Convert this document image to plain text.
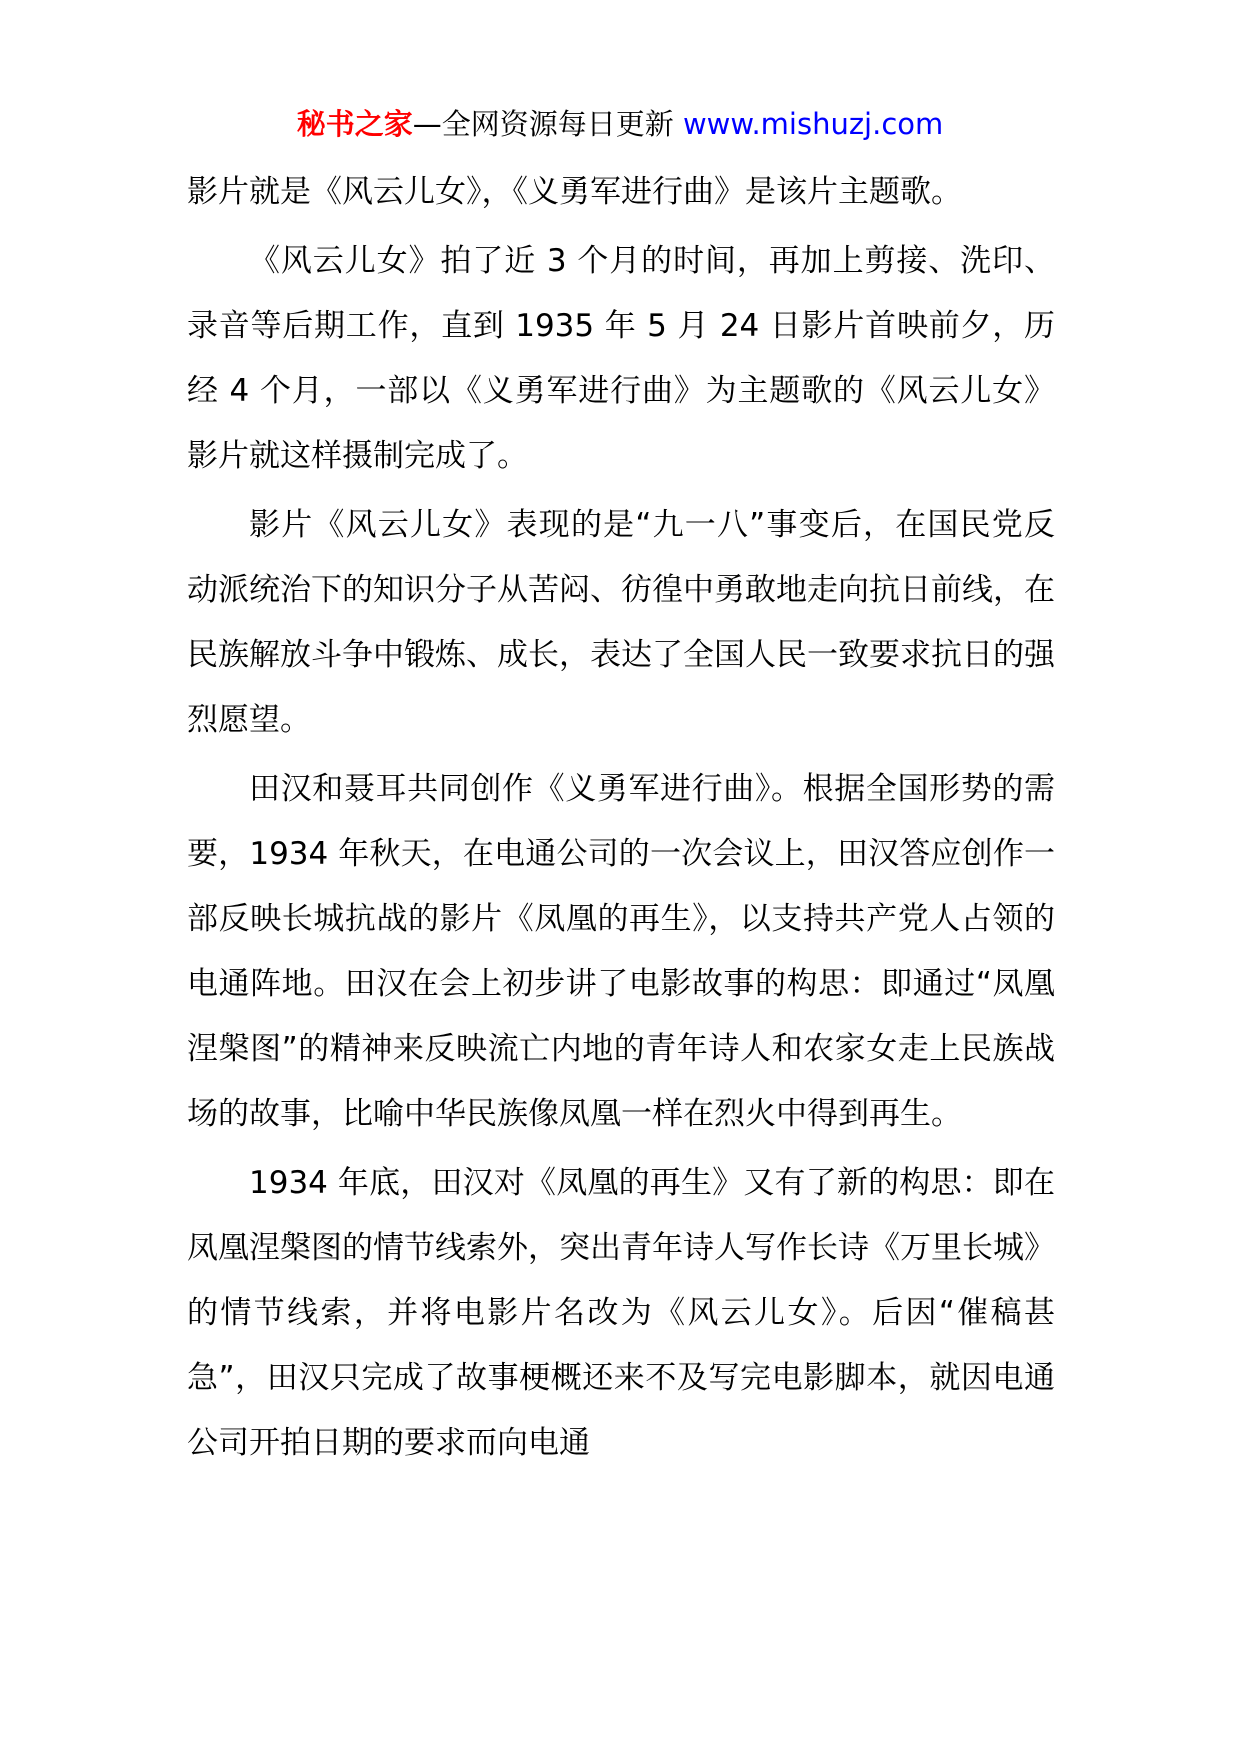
秘书之家—全网资源每日更新 www.mishuzj.com

影片就是《风云儿女》，《义勇军进行曲》是该片主题歌。

《风云儿女》拍了近 3 个月的时间，再加上剪接、洗印、录音等后期工作，直到 1935 年 5 月 24 日影片首映前夕，历经 4 个月，一部以《义勇军进行曲》为主题歌的《风云儿女》影片就这样摄制完成了。

影片《风云儿女》表现的是“九一八”事变后，在国民党反动派统治下的知识分子从苦闷、彷徨中勇敢地走向抗日前线，在民族解放斗争中锻炼、成长，表达了全国人民一致要求抗日的强烈愿望。

田汉和聂耳共同创作《义勇军进行曲》。根据全国形势的需要，1934 年秋天，在电通公司的一次会议上，田汉答应创作一部反映长城抗战的影片《凤凰的再生》，以支持共产党人占领的电通阵地。田汉在会上初步讲了电影故事的构思：即通过“凤凰涅槃图”的精神来反映流亡内地的青年诗人和农家女走上民族战场的故事，比喻中华民族像凤凰一样在烈火中得到再生。

1934 年底，田汉对《凤凰的再生》又有了新的构思：即在凤凰涅槃图的情节线索外，突出青年诗人写作长诗《万里长城》的情节线索，并将电影片名改为《风云儿女》。后因“催稿甚急”，田汉只完成了故事梗概还来不及写完电影脚本，就因电通公司开拍日期的要求而向电通
